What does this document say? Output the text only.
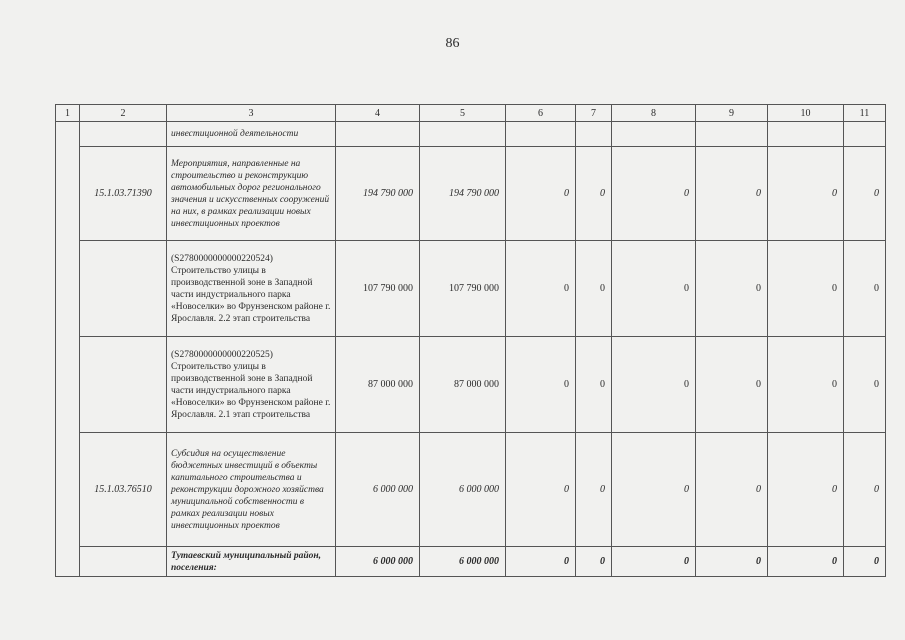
86
1	2	3	4	5	6	7	8	9	10	11
		инвестиционной деятельности								
	15.1.03.71390	Мероприятия, направленные на строительство и реконструкцию автомобильных дорог регионального значения и искусственных сооружений на них, в рамках реализации новых инвестиционных проектов	194 790 000	194 790 000	0	0	0	0	0	0
		(S2780000000000220524) Строительство улицы в производственной зоне в Западной части индустриального парка «Новоселки» во Фрунзенском районе г. Ярославля. 2.2 этап строительства	107 790 000	107 790 000	0	0	0	0	0	0
		(S2780000000000220525) Строительство улицы в производственной зоне в Западной части индустриального парка «Новоселки» во Фрунзенском районе г. Ярославля. 2.1 этап строительства	87 000 000	87 000 000	0	0	0	0	0	0
	15.1.03.76510	Субсидия на осуществление бюджетных инвестиций в объекты капитального строительства и реконструкции дорожного хозяйства муниципальной собственности в рамках реализации новых инвестиционных проектов	6 000 000	6 000 000	0	0	0	0	0	0
		Тутаевский муниципальный район, поселения:	6 000 000	6 000 000	0	0	0	0	0	0
